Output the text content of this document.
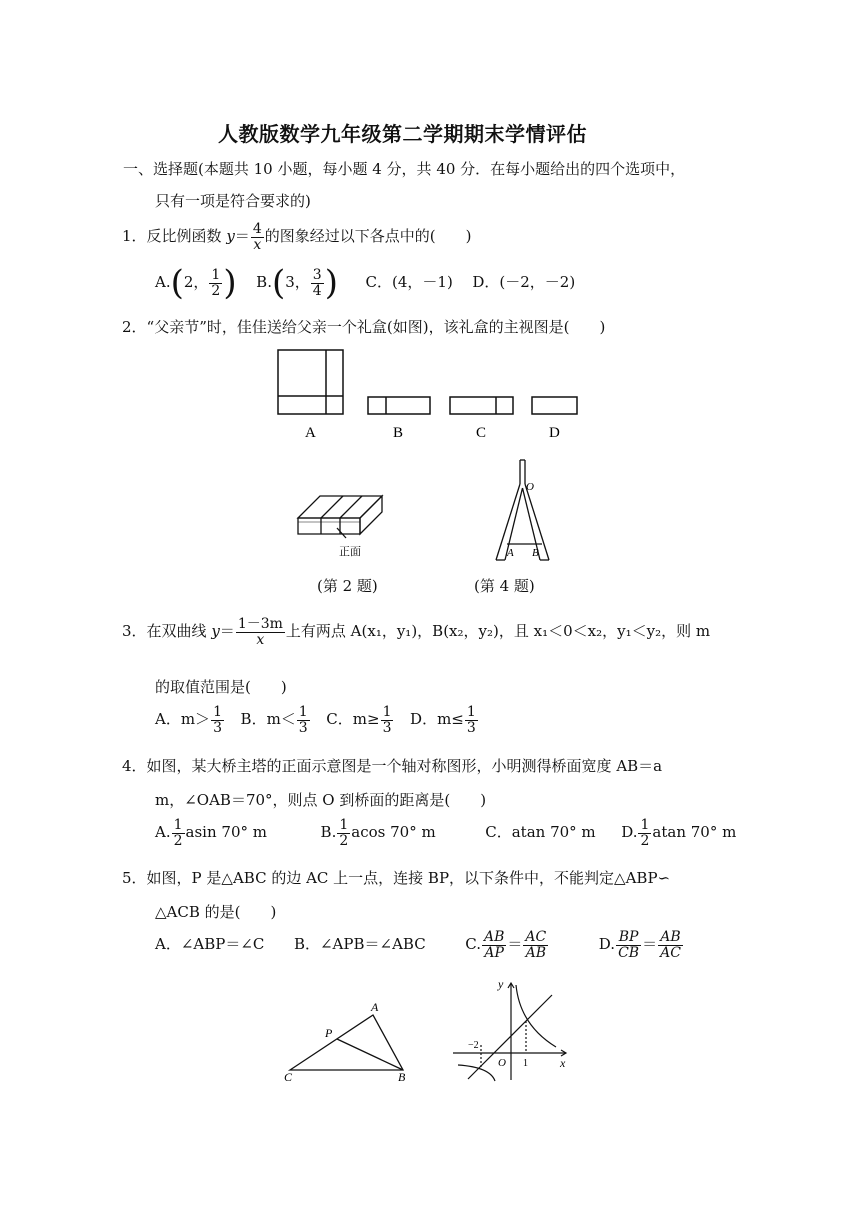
人教版数学九年级第二学期期末学情评估
一、选择题(本题共 10 小题，每小题 4 分，共 40 分．在每小题给出的四个选项中，
只有一项是符合要求的)
1．反比例函数 $y= \frac{4}{x}$ 的图象经过以下各点中的(　　)
A.(2， $\frac{1}{2}$ ) B.(3， $\frac{3}{4}$ ) C．(4，－1) D．(－2，－2)
2．“父亲节”时，佳佳送给父亲一个礼盒(如图)，该礼盒的主视图是(　　)
A	B	C	D
正面
O
A B
(第 2 题)	(第 4 题)
3．在双曲线 $y= \frac{1-3m}{x}$ 上有两点 A(x₁，y₁)，B(x₂，y₂)，且 x₁＜0＜x₂，y₁＜y₂，则 m
的取值范围是(　　)
A．$m> \frac{1}{3}$ B．$m< \frac{1}{3}$ C．$m\ge \frac{1}{3}$ D．$m\le \frac{1}{3}$
4．如图，某大桥主塔的正面示意图是一个轴对称图形，小明测得桥面宽度 AB＝a
m，∠OAB＝70°，则点 O 到桥面的距离是(　　)
A. $\frac{1}{2}$ asin 70° m	B. $\frac{1}{2}$ acos 70° m	C．atan 70° m D. $\frac{1}{2}$ atan 70° m
5．如图，P 是△ABC 的边 AC 上一点，连接 BP，以下条件中，不能判定△ABP∽
△ACB 的是(　　)
A．∠ABP＝∠C B．∠APB＝∠ABC	C. $\frac{AB}{AP} = \frac{AC}{AB}$	D. $\frac{BP}{CB} = \frac{AB}{AC}$
A
P
C	B
y
x
O
−2
1
